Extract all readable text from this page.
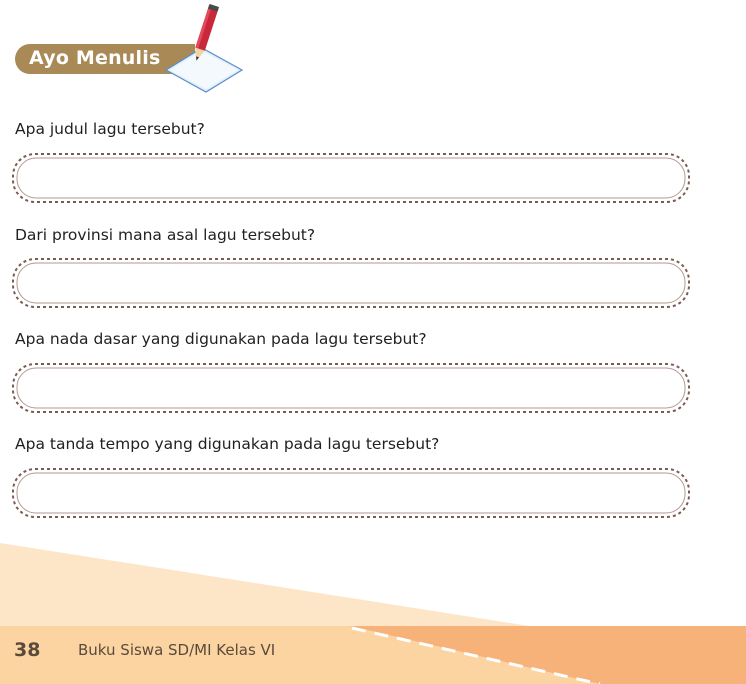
Ayo Menulis
Apa judul lagu tersebut?
Dari provinsi mana asal lagu tersebut?
Apa nada dasar yang digunakan pada lagu tersebut?
Apa tanda tempo yang digunakan pada lagu tersebut?
38	Buku Siswa SD/MI Kelas VI
